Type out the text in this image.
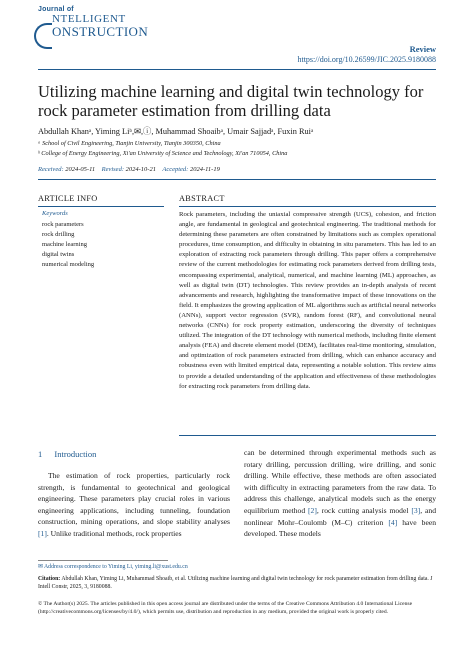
Journal of
NTELLIGENT
ONSTRUCTION
Review
https://doi.org/10.26599/JIC.2025.9180088
Utilizing machine learning and digital twin technology for rock parameter estimation from drilling data
Abdullah Khanᵃ, Yiming Liᵇ,✉,ⓘ, Muhammad Shoaibᵃ, Umair Sajjadᵃ, Fuxin Ruiᵃ
ᵃ School of Civil Engineering, Tianjin University, Tianjin 300350, China
ᵇ College of Energy Engineering, Xi'an University of Science and Technology, Xi'an 710054, China
Received: 2024-05-11 Revised: 2024-10-21 Accepted: 2024-11-19
ARTICLE INFO
Keywords
rock parameters
rock drilling
machine learning
digital twins
numerical modeling
ABSTRACT
Rock parameters, including the uniaxial compressive strength (UCS), cohesion, and friction angle, are fundamental in geological and geotechnical engineering. The traditional methods for determining these parameters are often constrained by limitations such as complex operational procedures, time consumption, and difficulty in obtaining in situ parameters. This has led to an exploration of extracting rock parameters through drilling. This paper offers a comprehensive review of the current methodologies for estimating rock parameters derived from drilling tests, encompassing experimental, analytical, numerical, and machine learning (ML) approaches, as well as digital twin (DT) technologies. This review provides an in-depth analysis of recent advancements and research, highlighting the transformative impact of these innovations on the field. It emphasizes the growing application of ML algorithms such as artificial neural networks (ANNs), support vector regression (SVR), random forest (RF), and convolutional neural networks (CNNs) for rock property estimation, underscoring the diversity of techniques utilized. The integration of the DT technology with numerical methods, including finite element analysis (FEA) and discrete element model (DEM), facilitates real-time monitoring, simulation, and optimization of rock parameters extracted from drilling, which can enhance accuracy and robustness even with limited empirical data, representing a notable solution. This review aims to provide a detailed understanding of the application and effectiveness of these methodologies for extracting rock parameters from drilling data.
1 Introduction
The estimation of rock properties, particularly rock strength, is fundamental to geotechnical and geological engineering. These parameters play crucial roles in various engineering applications, including tunneling, foundation construction, mining operations, and slope stability analyses [1]. Unlike traditional methods, rock properties
can be determined through experimental methods such as rotary drilling, percussion drilling, wire drilling, and sonic drilling. While effective, these methods are often associated with difficulty in extracting parameters from the raw data. To address this challenge, analytical models such as the energy equilibrium method [2], rock cutting analysis model [3], and nonlinear Mohr–Coulomb (M–C) criterion [4] have been developed. These models
✉ Address correspondence to Yiming Li, yiming.li@xust.edu.cn
Citation: Abdullah Khan, Yiming Li, Muhammad Shoaib, et al. Utilizing machine learning and digital twin technology for rock parameter estimation from drilling data. J Intell Constr, 2025, 3, 9180088.
© The Author(s) 2025. The articles published in this open access journal are distributed under the terms of the Creative Commons Attribution 4.0 International License (http://creativecommons.org/licenses/by/4.0/), which permits use, distribution and reproduction in any medium, provided the original work is properly cited.
